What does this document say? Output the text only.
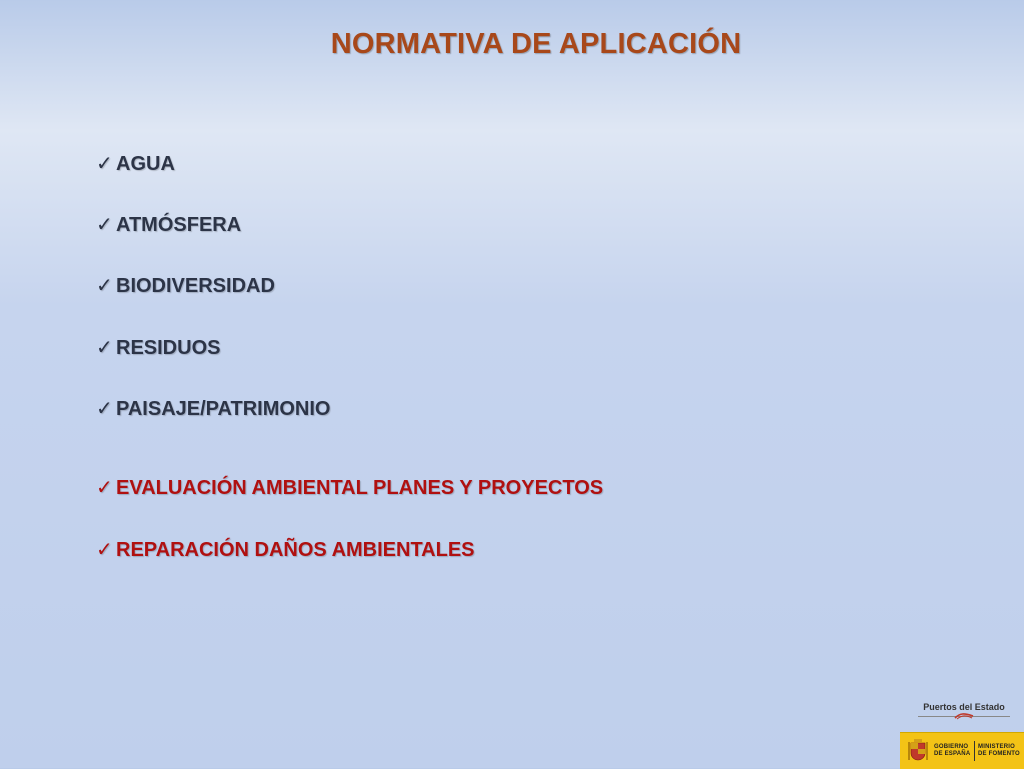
NORMATIVA DE APLICACIÓN
✓ AGUA
✓ ATMÓSFERA
✓ BIODIVERSIDAD
✓ RESIDUOS
✓ PAISAJE/PATRIMONIO
✓ EVALUACIÓN AMBIENTAL PLANES Y PROYECTOS
✓ REPARACIÓN DAÑOS AMBIENTALES
Puertos del Estado
GOBIERNO
DE ESPAÑA
MINISTERIO
DE FOMENTO
